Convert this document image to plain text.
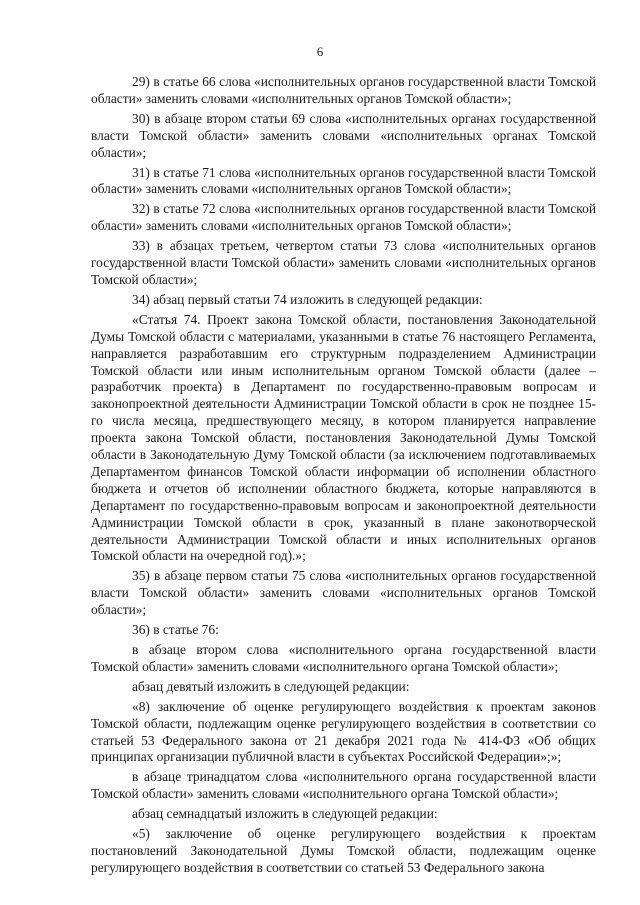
6

29) в статье 66 слова «исполнительных органов государственной власти Томской области» заменить словами «исполнительных органов Томской области»;

30) в абзаце втором статьи 69 слова «исполнительных органах государственной власти Томской области» заменить словами «исполнительных органах Томской области»;

31) в статье 71 слова «исполнительных органов государственной власти Томской области» заменить словами «исполнительных органов Томской области»;

32) в статье 72 слова «исполнительных органов государственной власти Томской области» заменить словами «исполнительных органов Томской области»;

33) в абзацах третьем, четвертом статьи 73 слова «исполнительных органов государственной власти Томской области» заменить словами «исполнительных органов Томской области»;

34) абзац первый статьи 74 изложить в следующей редакции:

«Статья 74. Проект закона Томской области, постановления Законодательной Думы Томской области с материалами, указанными в статье 76 настоящего Регламента, направляется разработавшим его структурным подразделением Администрации Томской области или иным исполнительным органом Томской области (далее – разработчик проекта) в Департамент по государственно-правовым вопросам и законопроектной деятельности Администрации Томской области в срок не позднее 15-го числа месяца, предшествующего месяцу, в котором планируется направление проекта закона Томской области, постановления Законодательной Думы Томской области в Законодательную Думу Томской области (за исключением подготавливаемых Департаментом финансов Томской области информации об исполнении областного бюджета и отчетов об исполнении областного бюджета, которые направляются в Департамент по государственно-правовым вопросам и законопроектной деятельности Администрации Томской области в срок, указанный в плане законотворческой деятельности Администрации Томской области и иных исполнительных органов Томской области на очередной год).»;

35) в абзаце первом статьи 75 слова «исполнительных органов государственной власти Томской области» заменить словами «исполнительных органов Томской области»;

36) в статье 76:

в абзаце втором слова «исполнительного органа государственной власти Томской области» заменить словами «исполнительного органа Томской области»;

абзац девятый изложить в следующей редакции:

«8) заключение об оценке регулирующего воздействия к проектам законов Томской области, подлежащим оценке регулирующего воздействия в соответствии со статьей 53 Федерального закона от 21 декабря 2021 года № 414-ФЗ «Об общих принципах организации публичной власти в субъектах Российской Федерации»;»;

в абзаце тринадцатом слова «исполнительного органа государственной власти Томской области» заменить словами «исполнительного органа Томской области»;

абзац семнадцатый изложить в следующей редакции:

«5) заключение об оценке регулирующего воздействия к проектам постановлений Законодательной Думы Томской области, подлежащим оценке регулирующего воздействия в соответствии со статьей 53 Федерального закона
